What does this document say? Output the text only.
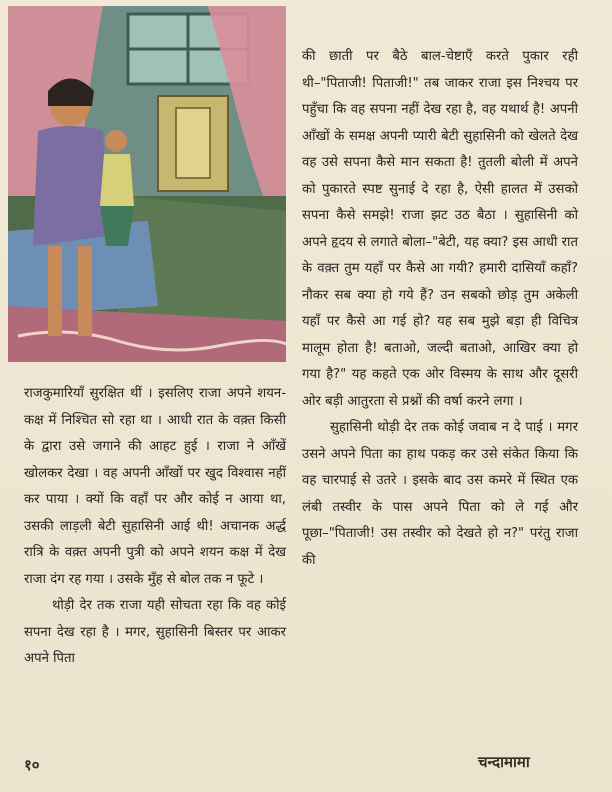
राजकुमारियाँ सुरक्षित थीं । इसलिए राजा अपने शयन-कक्ष में निश्चित सो रहा था । आधी रात के वक़्त किसी के द्वारा उसे जगाने की आहट हुई । राजा ने आँखें खोलकर देखा । वह अपनी आँखों पर खुद विश्वास नहीं कर पाया । क्यों कि वहाँ पर और कोई न आया था, उसकी लाड़ली बेटी सुहासिनी आई थी! अचानक अर्द्ध रात्रि के वक़्त अपनी पुत्री को अपने शयन कक्ष में देख राजा दंग रह गया । उसके मुँह से बोल तक न फूटे ।

थोड़ी देर तक राजा यही सोचता रहा कि वह कोई सपना देख रहा है । मगर, सुहासिनी बिस्तर पर आकर अपने पिता

की छाती पर बैठे बाल-चेष्टाएँ करते पुकार रही थी–"पिताजी! पिताजी!" तब जाकर राजा इस निश्चय पर पहुँचा कि वह सपना नहीं देख रहा है, वह यथार्थ है! अपनी आँखों के समक्ष अपनी प्यारी बेटी सुहासिनी को खेलते देख वह उसे सपना कैसे मान सकता है! तुतली बोली में अपने को पुकारते स्पष्ट सुनाई दे रहा है, ऐसी हालत में उसको सपना कैसे समझे! राजा झट उठ बैठा । सुहासिनी को अपने हृदय से लगाते बोला–"बेटी, यह क्या? इस आधी रात के वक़्त तुम यहाँ पर कैसे आ गयी? हमारी दासियाँ कहाँ? नौकर सब क्या हो गये हैं? उन सबको छोड़ तुम अकेली यहाँ पर कैसे आ गई हो? यह सब मुझे बड़ा ही विचित्र मालूम होता है! बताओ, जल्दी बताओ, आखिर क्या हो गया है?" यह कहते एक ओर विस्मय के साथ और दूसरी ओर बड़ी आतुरता से प्रश्नों की वर्षा करने लगा ।

सुहासिनी थोड़ी देर तक कोई जवाब न दे पाई । मगर उसने अपने पिता का हाथ पकड़ कर उसे संकेत किया कि वह चारपाई से उतरे । इसके बाद उस कमरे में स्थित एक लंबी तस्वीर के पास अपने पिता को ले गई और पूछा–"पिताजी! उस तस्वीर को देखते हो न?" परंतु राजा की

१०	चन्दामामा
